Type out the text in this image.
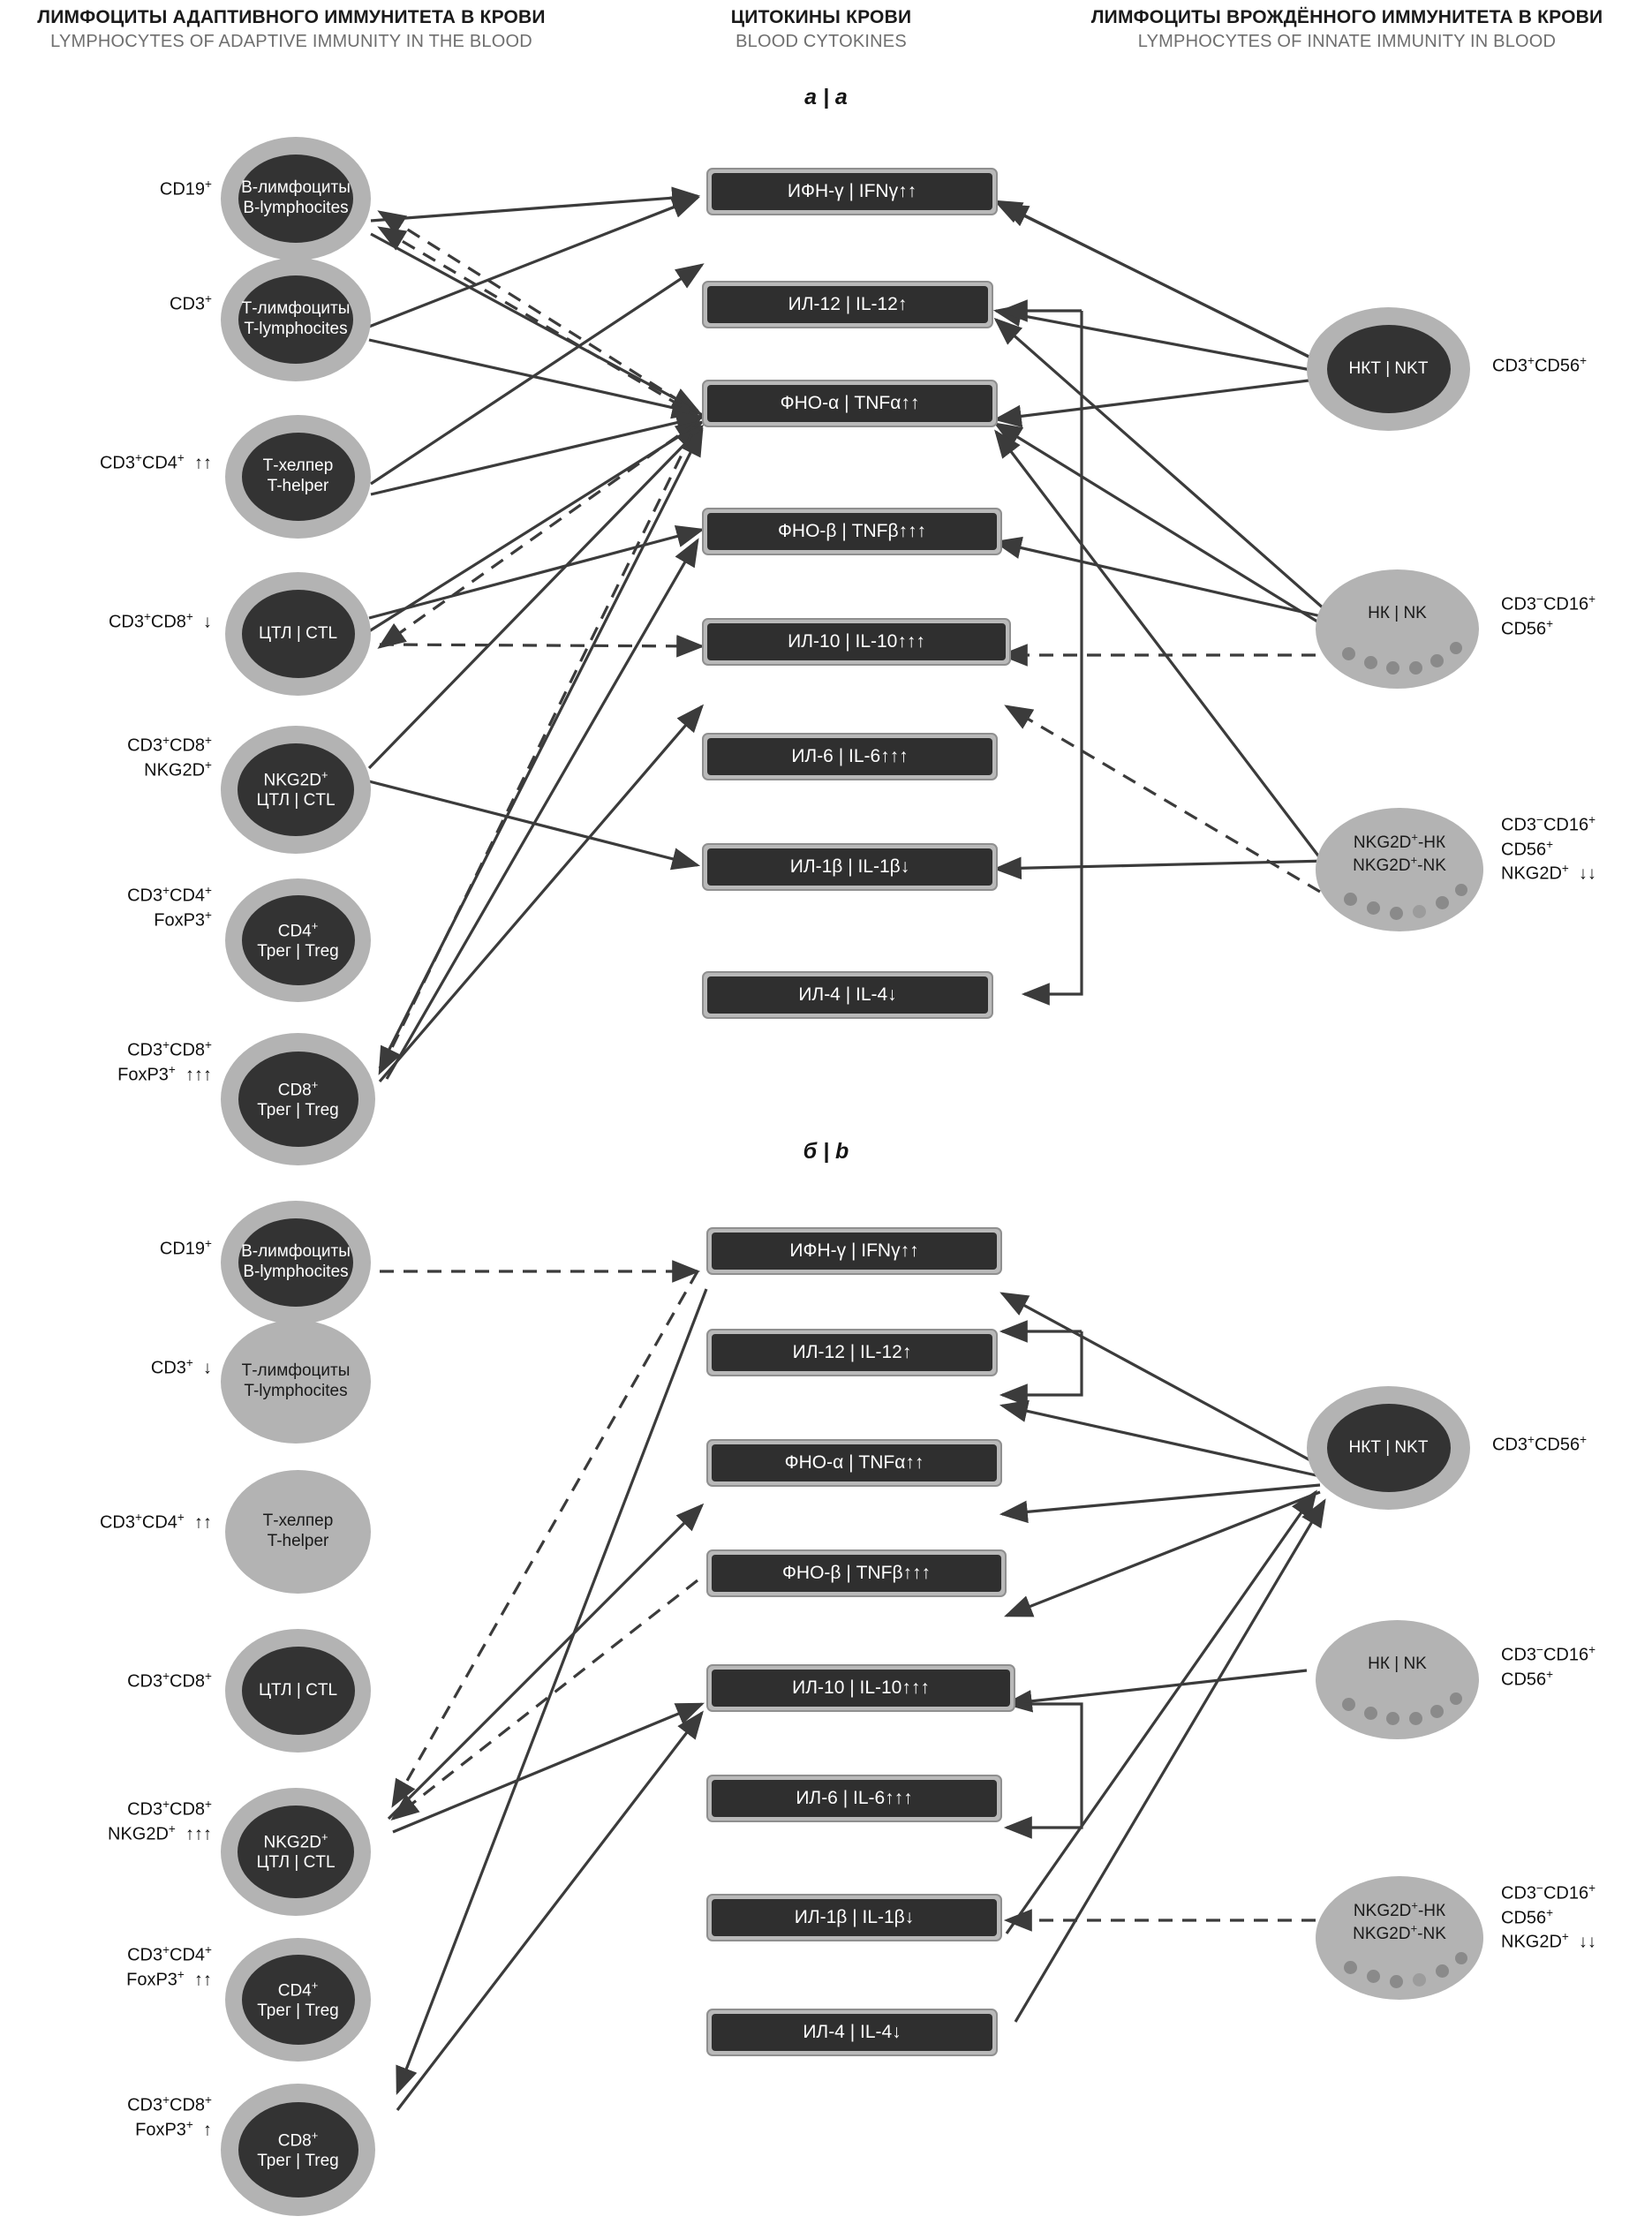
ЛИМФОЦИТЫ АДАПТИВНОГО ИММУНИТЕТА В КРОВИ
LYMPHOCYTES OF ADAPTIVE IMMUNITY IN THE BLOOD
ЦИТОКИНЫ КРОВИ
BLOOD CYTOKINES
ЛИМФОЦИТЫ ВРОЖДЁННОГО ИММУНИТЕТА В КРОВИ
LYMPHOCYTES OF INNATE IMMUNITY IN BLOOD
а | a
б | b
CD19+ В-лимфоциты
B-lymphocites
CD3+
Т-лимфоциты
T-lymphocites
CD3+CD4+  ↑↑	Т-хелпер
T-helper
CD3+CD8+  ↓
ЦТЛ | CTL
CD3+CD8+
NKG2D+
NKG2D+
ЦТЛ | CTL
CD3+CD4+
FoxP3+
CD4+
Трег | Treg
CD3+CD8+
FoxP3+  ↑↑↑
CD8+
Трег | Treg
ИФН-γ | IFNγ↑↑
ИЛ-12 | IL-12↑
ФНО-α | TNFα↑↑
ФНО-β | TNFβ↑↑↑
ИЛ-10 | IL-10↑↑↑
ИЛ-6 | IL-6↑↑↑
ИЛ-1β | IL-1β↓
ИЛ-4 | IL-4↓
НКТ | NKT	CD3+CD56+
НК | NK	CD3−CD16+
CD56+
NKG2D+-НК
NKG2D+-NK
CD3−CD16+
CD56+
NKG2D+  ↓↓
CD19+ В-лимфоциты
B-lymphocites
CD3+  ↓ Т-лимфоциты
T-lymphocites
CD3+CD4+  ↑↑	Т-хелпер
T-helper
CD3+CD8+
ЦТЛ | CTL
CD3+CD8+
NKG2D+  ↑↑↑	NKG2D+
ЦТЛ | CTL
CD3+CD4+
FoxP3+  ↑↑
CD4+
Трег | Treg
CD3+CD8+
FoxP3+  ↑
CD8+
Трег | Treg
ИФН-γ | IFNγ↑↑
ИЛ-12 | IL-12↑
ФНО-α | TNFα↑↑
ФНО-β | TNFβ↑↑↑
ИЛ-10 | IL-10↑↑↑
ИЛ-6 | IL-6↑↑↑
ИЛ-1β | IL-1β↓
ИЛ-4 | IL-4↓
НКТ | NKT	CD3+CD56+
НК | NK	CD3−CD16+
CD56+
NKG2D+-НК
NKG2D+-NK
CD3−CD16+
CD56+
NKG2D+  ↓↓
